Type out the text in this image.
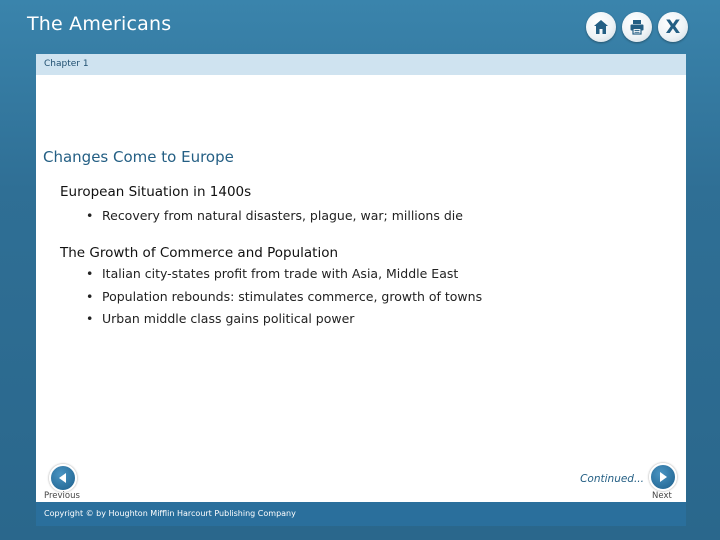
The Americans	X
Chapter 1
Changes Come to Europe
European Situation in 1400s
• Recovery from natural disasters, plague, war; millions die
The Growth of Commerce and Population
• Italian city-states profit from trade with Asia, Middle East
• Population rebounds: stimulates commerce, growth of towns
• Urban middle class gains political power
Previous
Continued...
Next
Copyright © by Houghton Mifflin Harcourt Publishing Company
